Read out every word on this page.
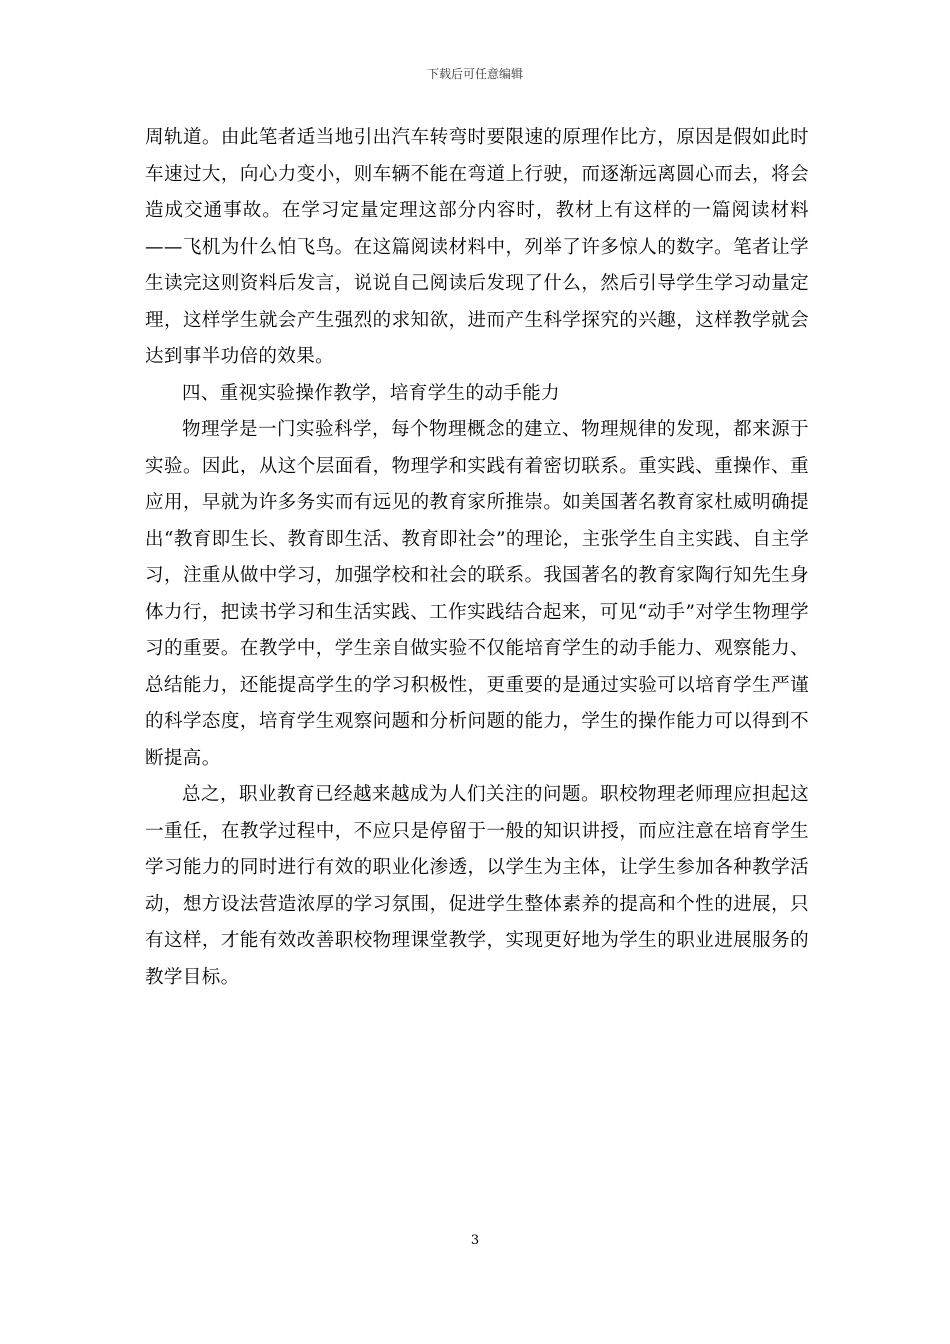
下载后可任意编辑

周轨道。由此笔者适当地引出汽车转弯时要限速的原理作比方，原因是假如此时车速过大，向心力变小，则车辆不能在弯道上行驶，而逐渐远离圆心而去，将会造成交通事故。在学习定量定理这部分内容时，教材上有这样的一篇阅读材料——飞机为什么怕飞鸟。在这篇阅读材料中，列举了许多惊人的数字。笔者让学生读完这则资料后发言，说说自己阅读后发现了什么，然后引导学生学习动量定理，这样学生就会产生强烈的求知欲，进而产生科学探究的兴趣，这样教学就会达到事半功倍的效果。

四、重视实验操作教学，培育学生的动手能力

物理学是一门实验科学，每个物理概念的建立、物理规律的发现，都来源于实验。因此，从这个层面看，物理学和实践有着密切联系。重实践、重操作、重应用，早就为许多务实而有远见的教育家所推崇。如美国著名教育家杜威明确提出“教育即生长、教育即生活、教育即社会”的理论，主张学生自主实践、自主学习，注重从做中学习，加强学校和社会的联系。我国著名的教育家陶行知先生身体力行，把读书学习和生活实践、工作实践结合起来，可见“动手”对学生物理学习的重要。在教学中，学生亲自做实验不仅能培育学生的动手能力、观察能力、总结能力，还能提高学生的学习积极性，更重要的是通过实验可以培育学生严谨的科学态度，培育学生观察问题和分析问题的能力，学生的操作能力可以得到不断提高。

总之，职业教育已经越来越成为人们关注的问题。职校物理老师理应担起这一重任，在教学过程中，不应只是停留于一般的知识讲授，而应注意在培育学生学习能力的同时进行有效的职业化渗透，以学生为主体，让学生参加各种教学活动，想方设法营造浓厚的学习氛围，促进学生整体素养的提高和个性的进展，只有这样，才能有效改善职校物理课堂教学，实现更好地为学生的职业进展服务的教学目标。

3
